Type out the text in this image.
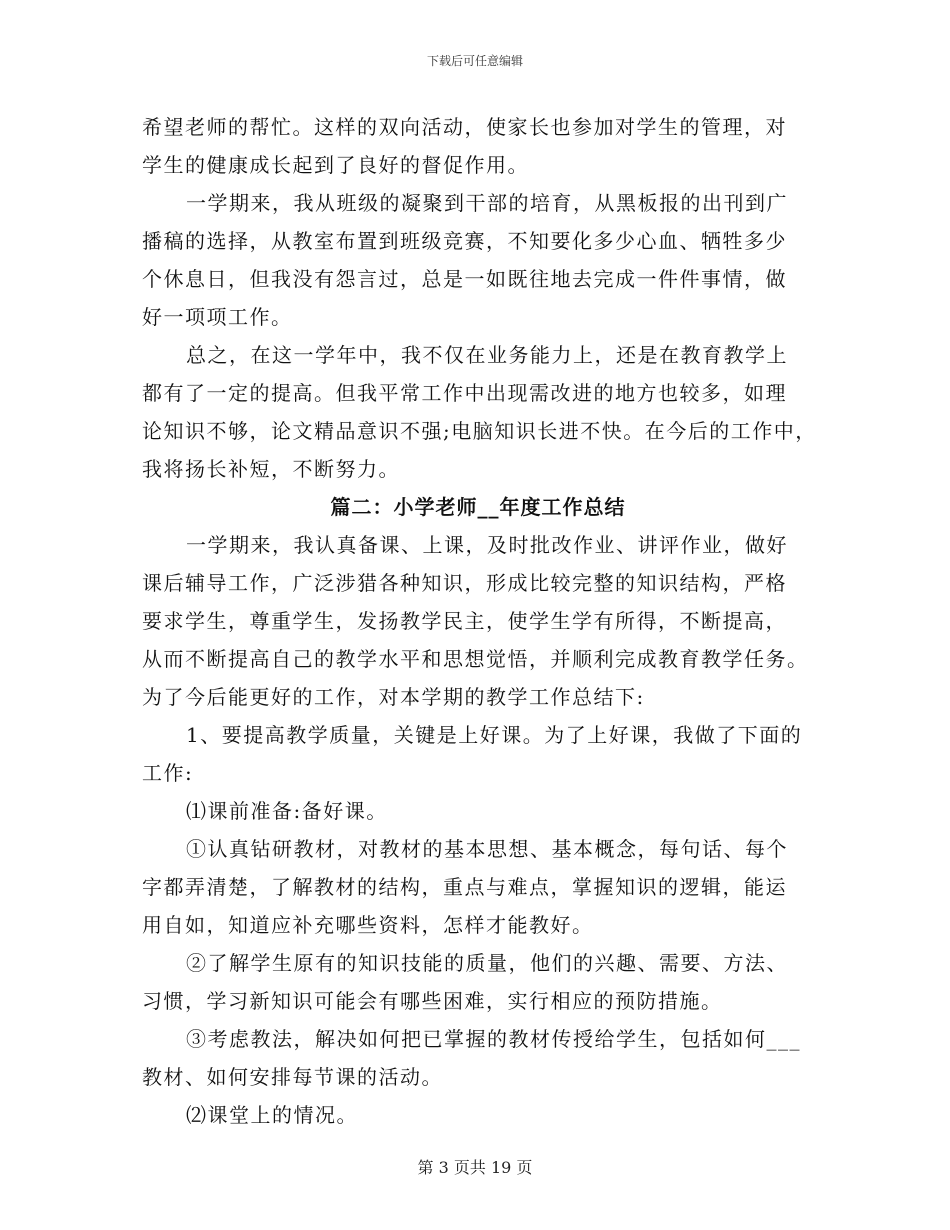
下载后可任意编辑
希望老师的帮忙。这样的双向活动，使家长也参加对学生的管理，对
学生的健康成长起到了良好的督促作用。
一学期来，我从班级的凝聚到干部的培育，从黑板报的出刊到广
播稿的选择，从教室布置到班级竞赛，不知要化多少心血、牺牲多少
个休息日，但我没有怨言过，总是一如既往地去完成一件件事情，做
好一项项工作。
总之，在这一学年中，我不仅在业务能力上，还是在教育教学上
都有了一定的提高。但我平常工作中出现需改进的地方也较多，如理
论知识不够，论文精品意识不强;电脑知识长进不快。在今后的工作中，
我将扬长补短，不断努力。
篇二：小学老师__年度工作总结
一学期来，我认真备课、上课，及时批改作业、讲评作业，做好
课后辅导工作，广泛涉猎各种知识，形成比较完整的知识结构，严格
要求学生，尊重学生，发扬教学民主，使学生学有所得，不断提高，
从而不断提高自己的教学水平和思想觉悟，并顺利完成教育教学任务。
为了今后能更好的工作，对本学期的教学工作总结下:
1、要提高教学质量，关键是上好课。为了上好课，我做了下面的
工作:
⑴课前准备:备好课。
①认真钻研教材，对教材的基本思想、基本概念，每句话、每个
字都弄清楚，了解教材的结构，重点与难点，掌握知识的逻辑，能运
用自如，知道应补充哪些资料，怎样才能教好。
②了解学生原有的知识技能的质量，他们的兴趣、需要、方法、
习惯，学习新知识可能会有哪些困难，实行相应的预防措施。
③考虑教法，解决如何把已掌握的教材传授给学生，包括如何___
教材、如何安排每节课的活动。
⑵课堂上的情况。
第 3 页共 19 页
